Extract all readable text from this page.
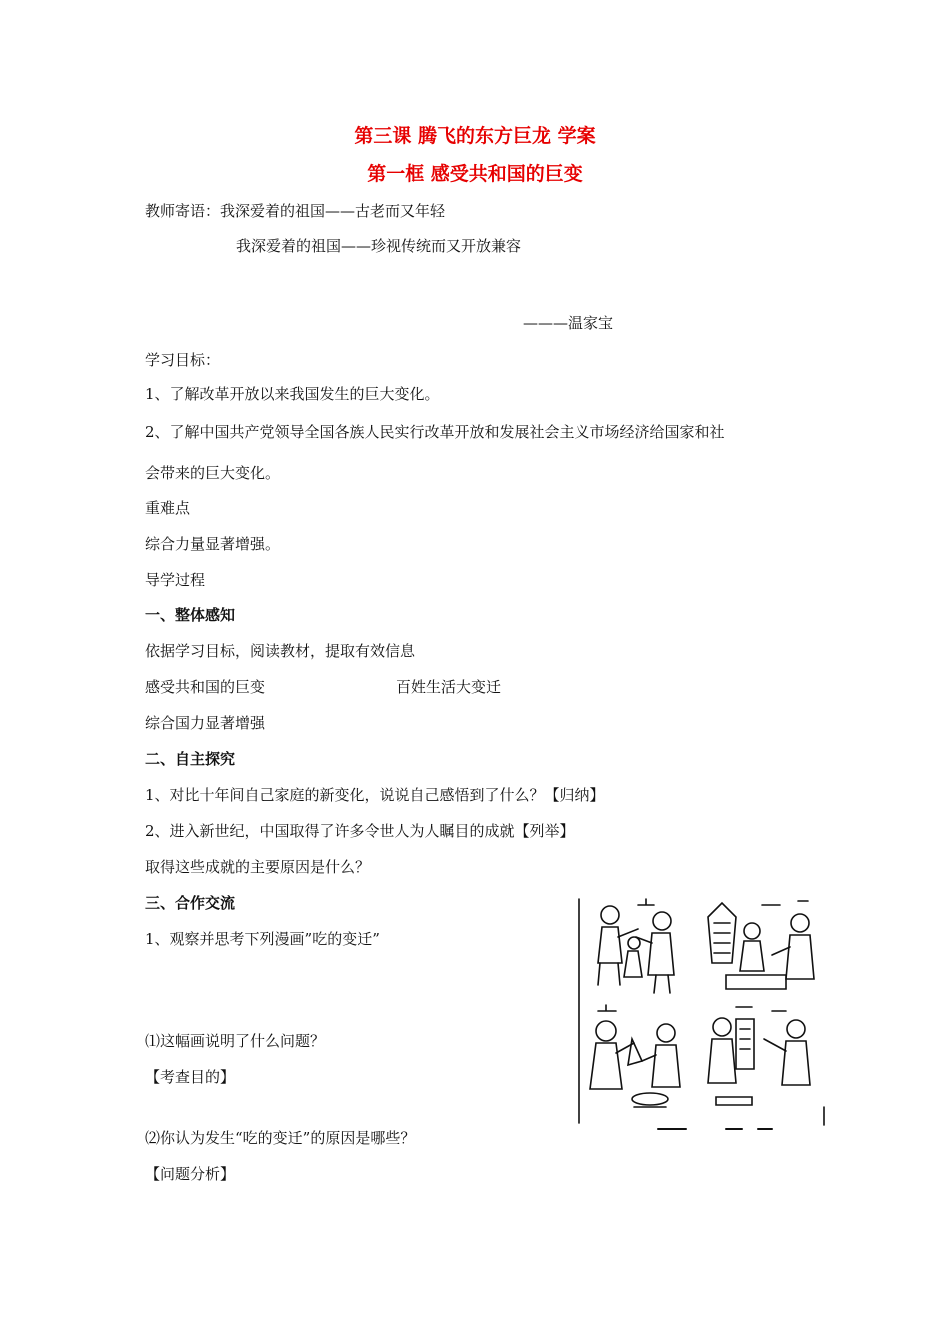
第三课 腾飞的东方巨龙 学案
第一框 感受共和国的巨变
教师寄语：我深爱着的祖国——古老而又年轻
我深爱着的祖国——珍视传统而又开放兼容
———温家宝
学习目标：
1、了解改革开放以来我国发生的巨大变化。
2、了解中国共产党领导全国各族人民实行改革开放和发展社会主义市场经济给国家和社
会带来的巨大变化。
重难点
综合力量显著增强。
导学过程
一、整体感知
依据学习目标，阅读教材，提取有效信息
感受共和国的巨变	百姓生活大变迁
综合国力显著增强
二、自主探究
1、对比十年间自己家庭的新变化，说说自己感悟到了什么？【归纳】
2、进入新世纪，中国取得了许多令世人为人瞩目的成就【列举】
取得这些成就的主要原因是什么？
三、合作交流
1、观察并思考下列漫画”吃的变迁”
⑴这幅画说明了什么问题？
【考查目的】
⑵你认为发生“吃的变迁”的原因是哪些？
【问题分析】
